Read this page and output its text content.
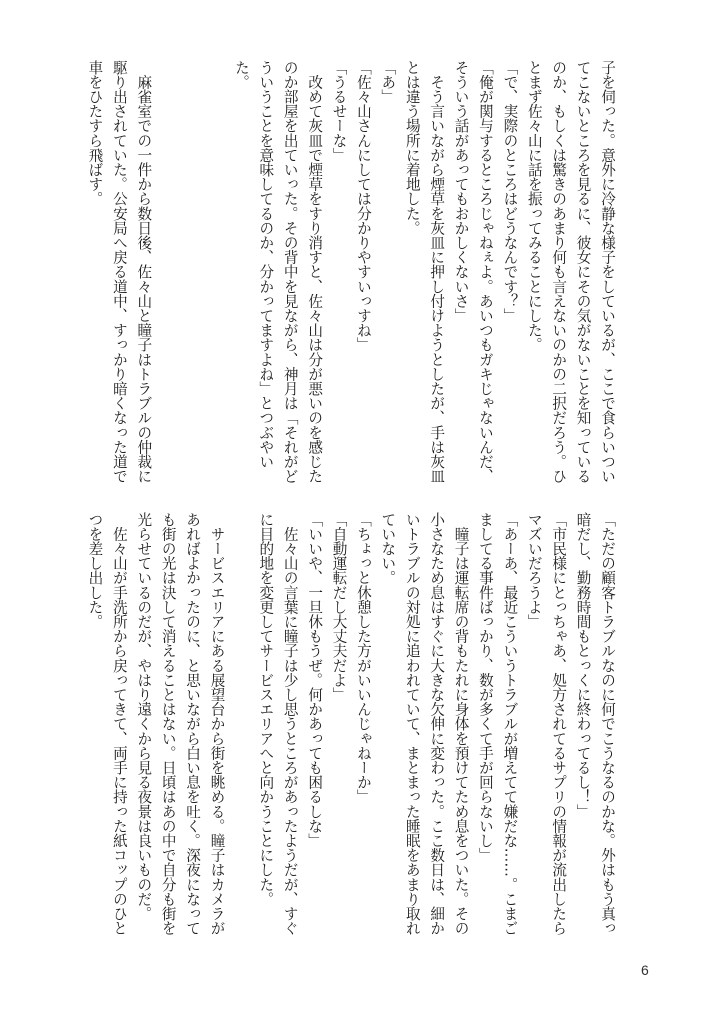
子を伺った。意外に冷静な様子をしているが、ここで食らいつい
てこないところを見るに、彼女にその気がないことを知っている
のか、もしくは驚きのあまり何も言えないのかの二択だろう。ひ
とまず佐々山に話を振ってみることにした。
「で、実際のところはどうなんです？」
「俺が関与するところじゃねぇよ。あいつもガキじゃないんだ、
そういう話があってもおかしくないさ」
　そう言いながら煙草を灰皿に押し付けようとしたが、手は灰皿
とは違う場所に着地した。
「あ」
「佐々山さんにしては分かりやすいっすね」
「うるせーな」
　改めて灰皿で煙草をすり消すと、佐々山は分が悪いのを感じた
のか部屋を出ていった。その背中を見ながら、神月は「それがど
ういうことを意味してるのか、分かってますよね」とつぶやい
た。

　麻雀室での一件から数日後、佐々山と瞳子はトラブルの仲裁に
駆り出されていた。公安局へ戻る道中、すっかり暗くなった道で
車をひたすら飛ばす。
「ただの顧客トラブルなのに何でこうなるのかな。外はもう真っ
暗だし、勤務時間もとっくに終わってるし！」
「市民様にとっちゃあ、処方されてるサプリの情報が流出したら
マズいだろうよ」
「あーあ、最近こういうトラブルが増えてて嫌だな……。こまご
ましてる事件ばっかり、数が多くて手が回らないし」
　瞳子は運転席の背もたれに身体を預けてため息をついた。その
小さなため息はすぐに大きな欠伸に変わった。ここ数日は、細か
いトラブルの対処に追われていて、まとまった睡眠をあまり取れ
ていない。
「ちょっと休憩した方がいいんじゃねーか」
「自動運転だし大丈夫だよ」
「いいや、一旦休もうぜ。何かあっても困るしな」
　佐々山の言葉に瞳子は少し思うところがあったようだが、すぐ
に目的地を変更してサービスエリアへと向かうことにした。

　サービスエリアにある展望台から街を眺める。瞳子はカメラが
あればよかったのに、と思いながら白い息を吐く。深夜になって
も街の光は決して消えることはない。日頃はあの中で自分も街を
光らせているのだが、やはり遠くから見る夜景は良いものだ。
　佐々山が手洗所から戻ってきて、両手に持った紙コップのひと
つを差し出した。
6
